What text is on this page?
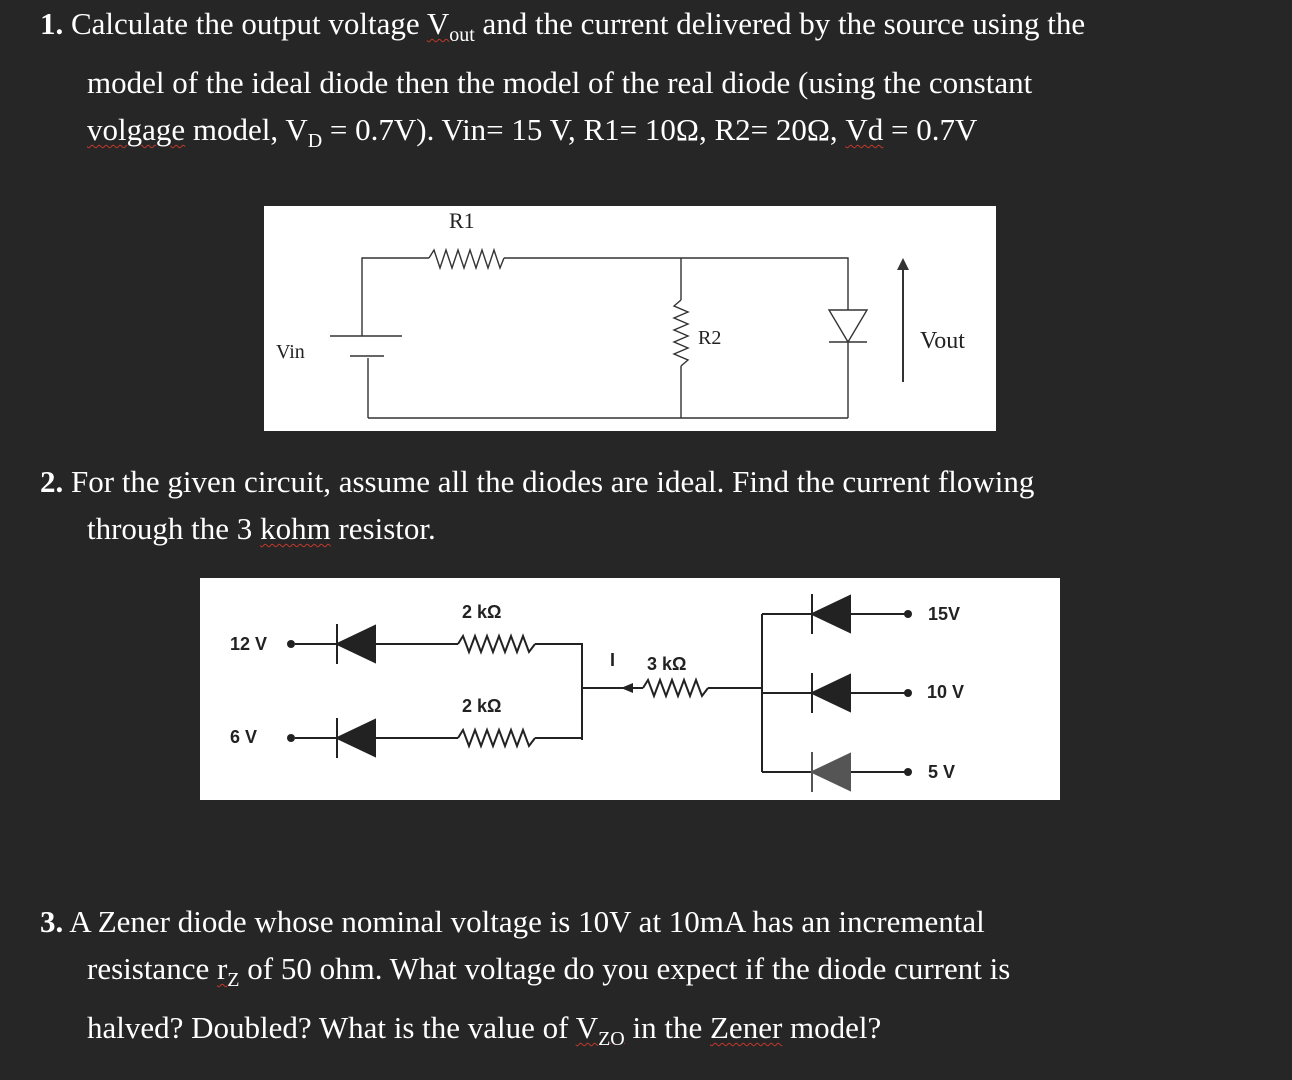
1. Calculate the output voltage $V_{out}$ and the current delivered by the source using the

model of the ideal diode then the model of the real diode (using the constant

volgage model, $V_D = 0.7V$). Vin= 15 V, R1= 10Ω, R2= 20Ω, Vd = 0.7V

R1
R2
Vin	Vout

2. For the given circuit, assume all the diodes are ideal. Find the current flowing

through the 3 kohm resistor.

12 V
6 V
2 kΩ
2 kΩ
3 kΩ
I
15V
10 V
5 V

3. A Zener diode whose nominal voltage is 10V at 10mA has an incremental

resistance $r_Z$ of 50 ohm. What voltage do you expect if the diode current is

halved? Doubled? What is the value of $V_{ZO}$ in the Zener model?
